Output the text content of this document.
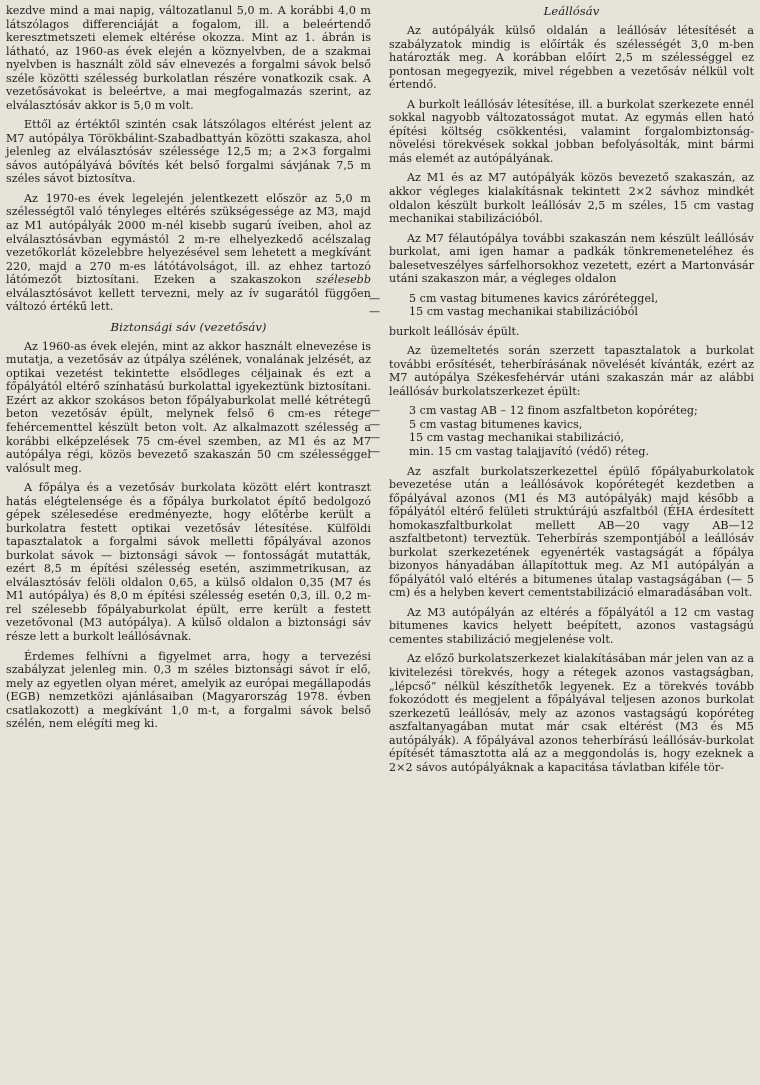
kezdve mind a mai napig, változatlanul 5,0 m. A korábbi 4,0 m látszólagos differenciáját a fogalom, ill. a beleértendő keresztmetszeti elemek eltérése okozza. Mint az 1. ábrán is látható, az 1960-as évek elején a köznyelvben, de a szakmai nyelvben is használt zöld sáv elnevezés a forgalmi sávok belső széle közötti szélesség burkolatlan részére vonatkozik csak. A vezetősávokat is beleértve, a mai megfogalmazás szerint, az elválasztósáv akkor is 5,0 m volt.

Ettől az értéktől szintén csak látszólagos eltérést jelent az M7 autópálya Törökbálint-Szabadbattyán közötti szakasza, ahol jelenleg az elválasztósáv szélessége 12,5 m; a 2×3 forgalmi sávos autópályává bővítés két belső forgalmi sávjának 7,5 m széles sávot biztosítva.

Az 1970-es évek legelején jelentkezett először az 5,0 m szélességtől való tényleges eltérés szükségessége az M3, majd az M1 autópályák 2000 m-nél kisebb sugarú íveiben, ahol az elválasztósávban egymástól 2 m-re elhelyezkedő acélszalag vezetőkorlát közelebbre helyezésével sem lehetett a megkívánt 220, majd a 270 m-es látótávolságot, ill. az ehhez tartozó látómezőt biztosítani. Ezeken a szakaszokon szélesebb elválasztósávot kellett tervezni, mely az ív sugarától függően változó értékű lett.

Biztonsági sáv (vezetősáv)

Az 1960-as évek elején, mint az akkor használt elnevezése is mutatja, a vezetősáv az útpálya szélének, vonalának jelzését, az optikai vezetést tekintette elsődleges céljainak és ezt a főpályától eltérő színhatású burkolattal igyekeztünk biztosítani. Ezért az akkor szokásos beton főpályaburkolat mellé kétrétegű beton vezetősáv épült, melynek felső 6 cm-es rétege fehércementtel készült beton volt. Az alkalmazott szélesség a korábbi elképzelések 75 cm-ével szemben, az M1 és az M7 autópálya régi, közös bevezető szakaszán 50 cm szélességgel valósult meg.

A főpálya és a vezetősáv burkolata között elért kontraszt hatás elégtelensége és a főpálya burkolatot építő bedolgozó gépek szélesedése eredményezte, hogy előtérbe került a burkolatra festett optikai vezetősáv létesítése. Külföldi tapasztalatok a forgalmi sávok melletti főpályával azonos burkolat sávok — biztonsági sávok — fontosságát mutatták, ezért 8,5 m építési szélesség esetén, aszimmetrikusan, az elválasztósáv felöli oldalon 0,65, a külső oldalon 0,35 (M7 és M1 autópálya) és 8,0 m építési szélesség esetén 0,3, ill. 0,2 m-rel szélesebb főpályaburkolat épült, erre került a festett vezetővonal (M3 autópálya). A külső oldalon a biztonsági sáv része lett a burkolt leállósávnak.

Érdemes felhívni a figyelmet arra, hogy a tervezési szabályzat jelenleg min. 0,3 m széles biztonsági sávot ír elő, mely az egyetlen olyan méret, amelyik az európai megállapodás (EGB) nemzetközi ajánlásaiban (Magyarország 1978. évben csatlakozott) a megkívánt 1,0 m-t, a forgalmi sávok belső szélén, nem elégíti meg ki.

Leállósáv

Az autópályák külső oldalán a leállósáv létesítését a szabályzatok mindig is előírták és szélességét 3,0 m-ben határozták meg. A korábban előírt 2,5 m szélességgel ez pontosan megegyezik, mivel régebben a vezetősáv nélkül volt értendő.

A burkolt leállósáv létesítése, ill. a burkolat szerkezete ennél sokkal nagyobb változatosságot mutat. Az egymás ellen ható építési költség csökkentési, valamint forgalombiztonság-növelési törekvések sokkal jobban befolyásolták, mint bármi más elemét az autópályának.

Az M1 és az M7 autópályák közös bevezető szakaszán, az akkor végleges kialakításnak tekintett 2×2 sávhoz mindkét oldalon készült burkolt leállósáv 2,5 m széles, 15 cm vastag mechanikai stabilizációból.

Az M7 félautópálya további szakaszán nem készült leállósáv burkolat, ami igen hamar a padkák tönkremeneteléhez és balesetveszélyes sárfelhorsokhoz vezetett, ezért a Martonvásár utáni szakaszon már, a végleges oldalon

—	5 cm vastag bitumenes kavics záróréteggel,
—	15 cm vastag mechanikai stabilizációból

burkolt leállósáv épült.

Az üzemeltetés során szerzett tapasztalatok a burkolat további erősítését, teherbírásának növelését kívánták, ezért az M7 autópálya Székesfehérvár utáni szakaszán már az alábbi leállósáv burkolatszerkezet épült:

—	3 cm vastag AB – 12 finom aszfaltbeton kopóréteg;
—	5 cm vastag bitumenes kavics,
—	15 cm vastag mechanikai stabilizáció,
—	min. 15 cm vastag talajjavító (védő) réteg.

Az aszfalt burkolatszerkezettel épülő főpályaburkolatok bevezetése után a leállósávok kopórétegét kezdetben a főpályával azonos (M1 és M3 autópályák) majd később a főpályától eltérő felületi struktúrájú aszfaltból (ÉHA érdesített homokaszfaltburkolat mellett AB—20 vagy AB—12 aszfaltbetont) terveztük. Teherbírás szempontjából a leállósáv burkolat szerkezetének egyenérték vastagságát a főpálya bizonyos hányadában állapítottuk meg. Az M1 autópályán a főpályától való eltérés a bitumenes útalap vastagságában (— 5 cm) és a helyben kevert cementstabilizáció elmaradásában volt.

Az M3 autópályán az eltérés a főpályától a 12 cm vastag bitumenes kavics helyett beépített, azonos vastagságú cementes stabilizáció megjelenése volt.

Az előző burkolatszerkezet kialakításában már jelen van az a kivitelezési törekvés, hogy a rétegek azonos vastagságban, „lépcső” nélkül készíthetők legyenek. Ez a törekvés tovább fokozódott és megjelent a főpályával teljesen azonos burkolat szerkezetű leállósáv, mely az azonos vastagságú kopóréteg aszfaltanyagában mutat már csak eltérést (M3 és M5 autópályák). A főpályával azonos teherbírású leállósáv-burkolat építését támasztotta alá az a meggondolás is, hogy ezeknek a 2×2 sávos autópályáknak a kapacitása távlatban kiféle tör-
